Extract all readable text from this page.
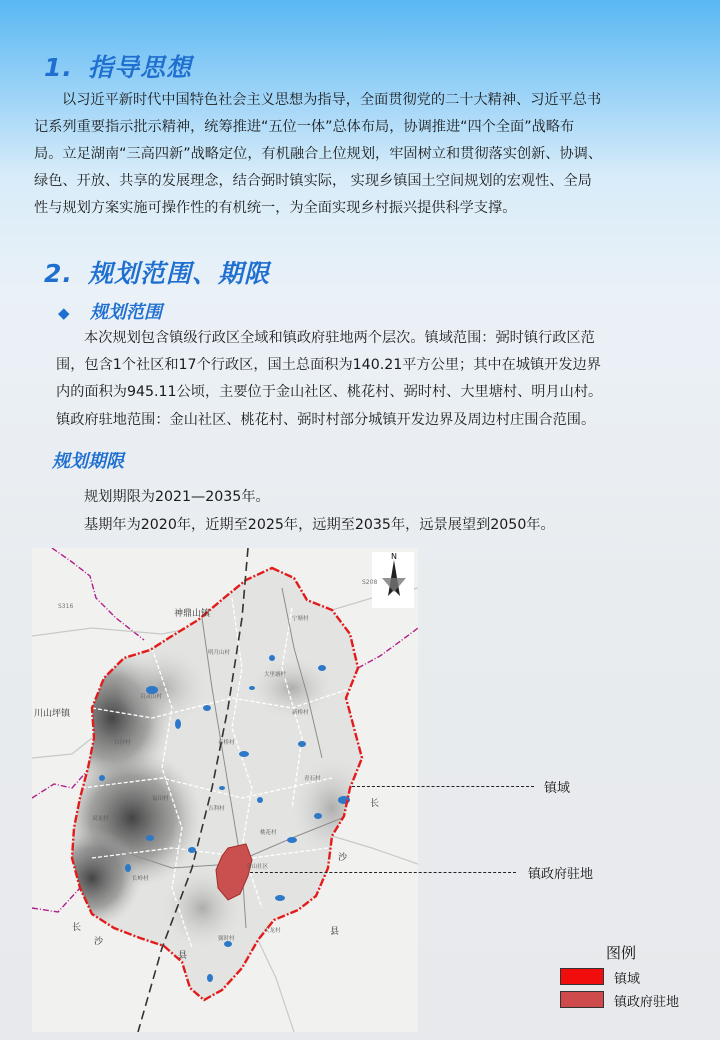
1. 指导思想

以习近平新时代中国特色社会主义思想为指导，全面贯彻党的二十大精神、习近平总书

记系列重要指示批示精神，统筹推进“五位一体”总体布局，协调推进“四个全面”战略布

局。立足湖南“三高四新”战略定位，有机融合上位规划，牢固树立和贯彻落实创新、协调、

绿色、开放、共享的发展理念，结合弼时镇实际， 实现乡镇国土空间规划的宏观性、全局

性与规划方案实施可操作性的有机统一，为全面实现乡村振兴提供科学支撑。

2. 规划范围、期限
◆ 规划范围

本次规划包含镇级行政区全域和镇政府驻地两个层次。镇域范围：弼时镇行政区范

围，包含1个社区和17个行政区，国土总面积为140.21平方公里；其中在城镇开发边界

内的面积为945.11公顷，主要位于金山社区、桃花村、弼时村、大里塘村、明月山村。

镇政府驻地范围：金山社区、桃花村、弼时村部分城镇开发边界及周边村庄围合范围。

规划期限

规划期限为2021—2035年。

基期年为2020年，近期至2025年，远期至2035年，远景展望到2050年。

N
神鼎山镇
川山坪镇
长
沙
县
长
沙
县
S316
S208
百灵山村
明月山村
大里塘村
金山社区
桃花村
弼时村
白沙村	石桥村
新桥村
青石村
双龙村
福田村
吉利村
大龙村
长岭村
宁塘村
镇域
镇政府驻地
图例
镇域
镇政府驻地
